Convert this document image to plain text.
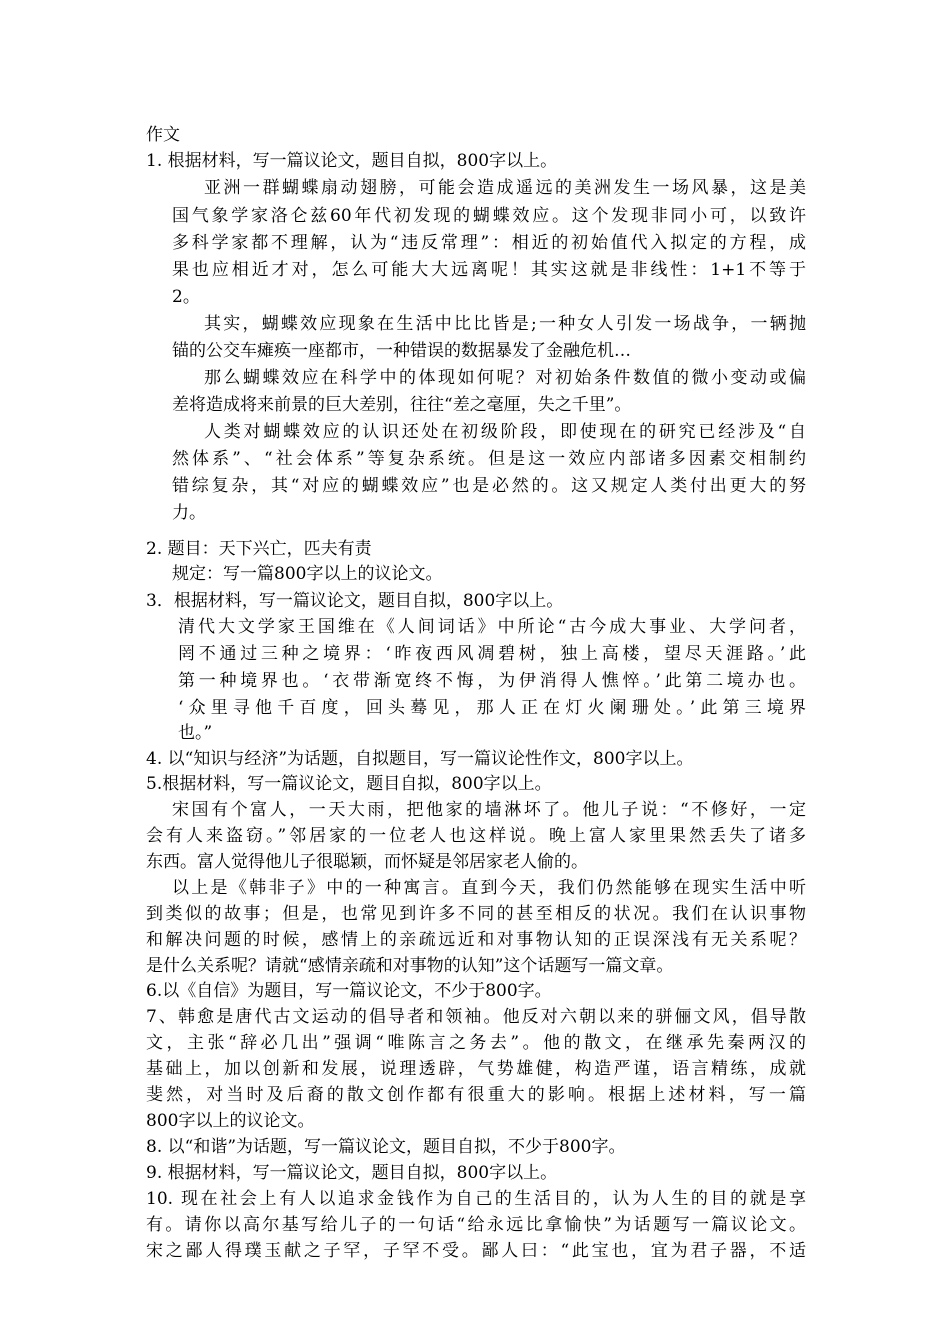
作文
1. 根据材料，写一篇议论文，题目自拟，800字以上。
亚洲一群蝴蝶扇动翅膀，可能会造成遥远的美洲发生一场风暴，这是美
国气象学家洛仑兹60年代初发现的蝴蝶效应。这个发现非同小可，以致许
多科学家都不理解，认为“违反常理”：相近的初始值代入拟定的方程，成
果也应相近才对，怎么可能大大远离呢！其实这就是非线性：1+1不等于
2。
其实，蝴蝶效应现象在生活中比比皆是;一种女人引发一场战争，一辆抛
锚的公交车瘫痪一座都市，一种错误的数据暴发了金融危机…
那么蝴蝶效应在科学中的体现如何呢？对初始条件数值的微小变动或偏
差将造成将来前景的巨大差别，往往“差之毫厘，失之千里”。
人类对蝴蝶效应的认识还处在初级阶段，即使现在的研究已经涉及“自
然体系”、“社会体系”等复杂系统。但是这一效应内部诸多因素交相制约
错综复杂，其“对应的蝴蝶效应”也是必然的。这又规定人类付出更大的努
力。
2. 题目：天下兴亡，匹夫有责
规定：写一篇800字以上的议论文。
3．根据材料，写一篇议论文，题目自拟，800字以上。
清代大文学家王国维在《人间词话》中所论“古今成大事业、大学问者，
罔不通过三种之境界：‘昨夜西风凋碧树，独上高楼，望尽天涯路。’此
第一种境界也。‘衣带渐宽终不悔，为伊消得人憔悴。’此第二境办也。
‘众里寻他千百度，回头蓦见，那人正在灯火阑珊处。’此第三境界
也。”
4. 以“知识与经济”为话题，自拟题目，写一篇议论性作文，800字以上。
5.根据材料，写一篇议论文，题目自拟，800字以上。
宋国有个富人，一天大雨，把他家的墙淋坏了。他儿子说：“不修好，一定
会有人来盗窃。”邻居家的一位老人也这样说。晚上富人家里果然丢失了诸多
东西。富人觉得他儿子很聪颖，而怀疑是邻居家老人偷的。
以上是《韩非子》中的一种寓言。直到今天，我们仍然能够在现实生活中听
到类似的故事；但是，也常见到许多不同的甚至相反的状况。我们在认识事物
和解决问题的时候，感情上的亲疏远近和对事物认知的正误深浅有无关系呢？
是什么关系呢？请就“感情亲疏和对事物的认知”这个话题写一篇文章。
6.以《自信》为题目，写一篇议论文，不少于800字。
7、韩愈是唐代古文运动的倡导者和领袖。他反对六朝以来的骈俪文风，倡导散
文，主张“辞必几出”强调“唯陈言之务去”。他的散文，在继承先秦两汉的
基础上，加以创新和发展，说理透辟，气势雄健，构造严谨，语言精练，成就
斐然，对当时及后裔的散文创作都有很重大的影响。根据上述材料，写一篇
800字以上的议论文。
8. 以“和谐”为话题，写一篇议论文，题目自拟，不少于800字。
9. 根据材料，写一篇议论文，题目自拟，800字以上。
10. 现在社会上有人以追求金钱作为自己的生活目的，认为人生的目的就是享
有。请你以高尔基写给儿子的一句话“给永远比拿愉快”为话题写一篇议论文。
宋之鄙人得璞玉献之子罕，子罕不受。鄙人曰：“此宝也，宜为君子器，不适
